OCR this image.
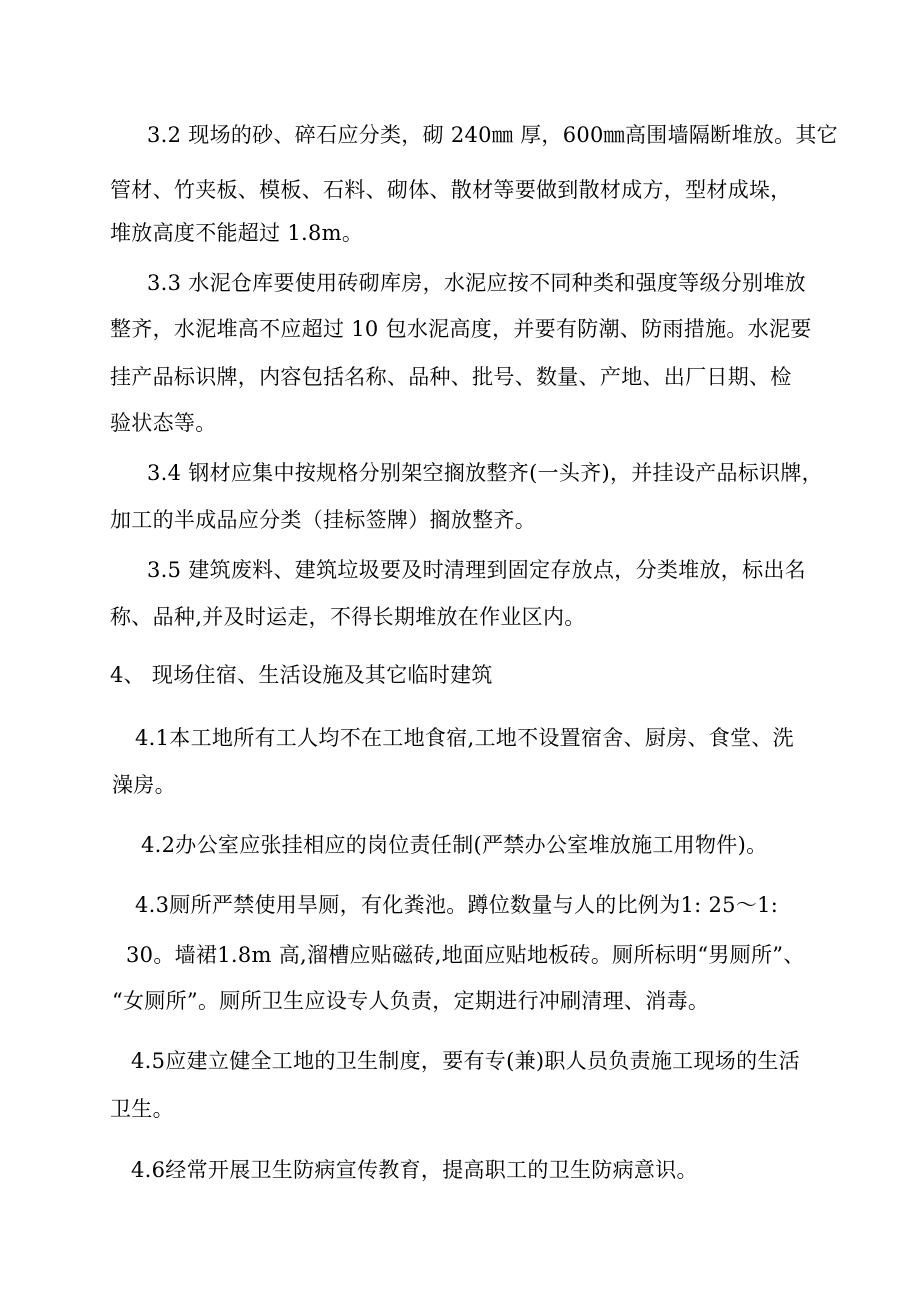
3.2 现场的砂、碎石应分类，砌 240㎜ 厚，600㎜高围墙隔断堆放。其它
管材、竹夹板、模板、石料、砌体、散材等要做到散材成方，型材成垛，
堆放高度不能超过 1.8m。
3.3 水泥仓库要使用砖砌库房，水泥应按不同种类和强度等级分别堆放
整齐，水泥堆高不应超过 10 包水泥高度，并要有防潮、防雨措施。水泥要
挂产品标识牌，内容包括名称、品种、批号、数量、产地、出厂日期、检
验状态等。
3.4 钢材应集中按规格分别架空搁放整齐(一头齐)，并挂设产品标识牌，
加工的半成品应分类（挂标签牌）搁放整齐。
3.5 建筑废料、建筑垃圾要及时清理到固定存放点，分类堆放，标出名
称、品种,并及时运走，不得长期堆放在作业区内。
4、 现场住宿、生活设施及其它临时建筑
4.1本工地所有工人均不在工地食宿,工地不设置宿舍、厨房、食堂、洗
澡房。
4.2办公室应张挂相应的岗位责任制(严禁办公室堆放施工用物件)。
4.3厕所严禁使用旱厕，有化粪池。蹲位数量与人的比例为1: 25～1:
30。墙裙1.8m 高,溜槽应贴磁砖,地面应贴地板砖。厕所标明“男厕所”、
“女厕所”。厕所卫生应设专人负责，定期进行冲刷清理、消毒。
4.5应建立健全工地的卫生制度，要有专(兼)职人员负责施工现场的生活
卫生。
4.6经常开展卫生防病宣传教育，提高职工的卫生防病意识。
